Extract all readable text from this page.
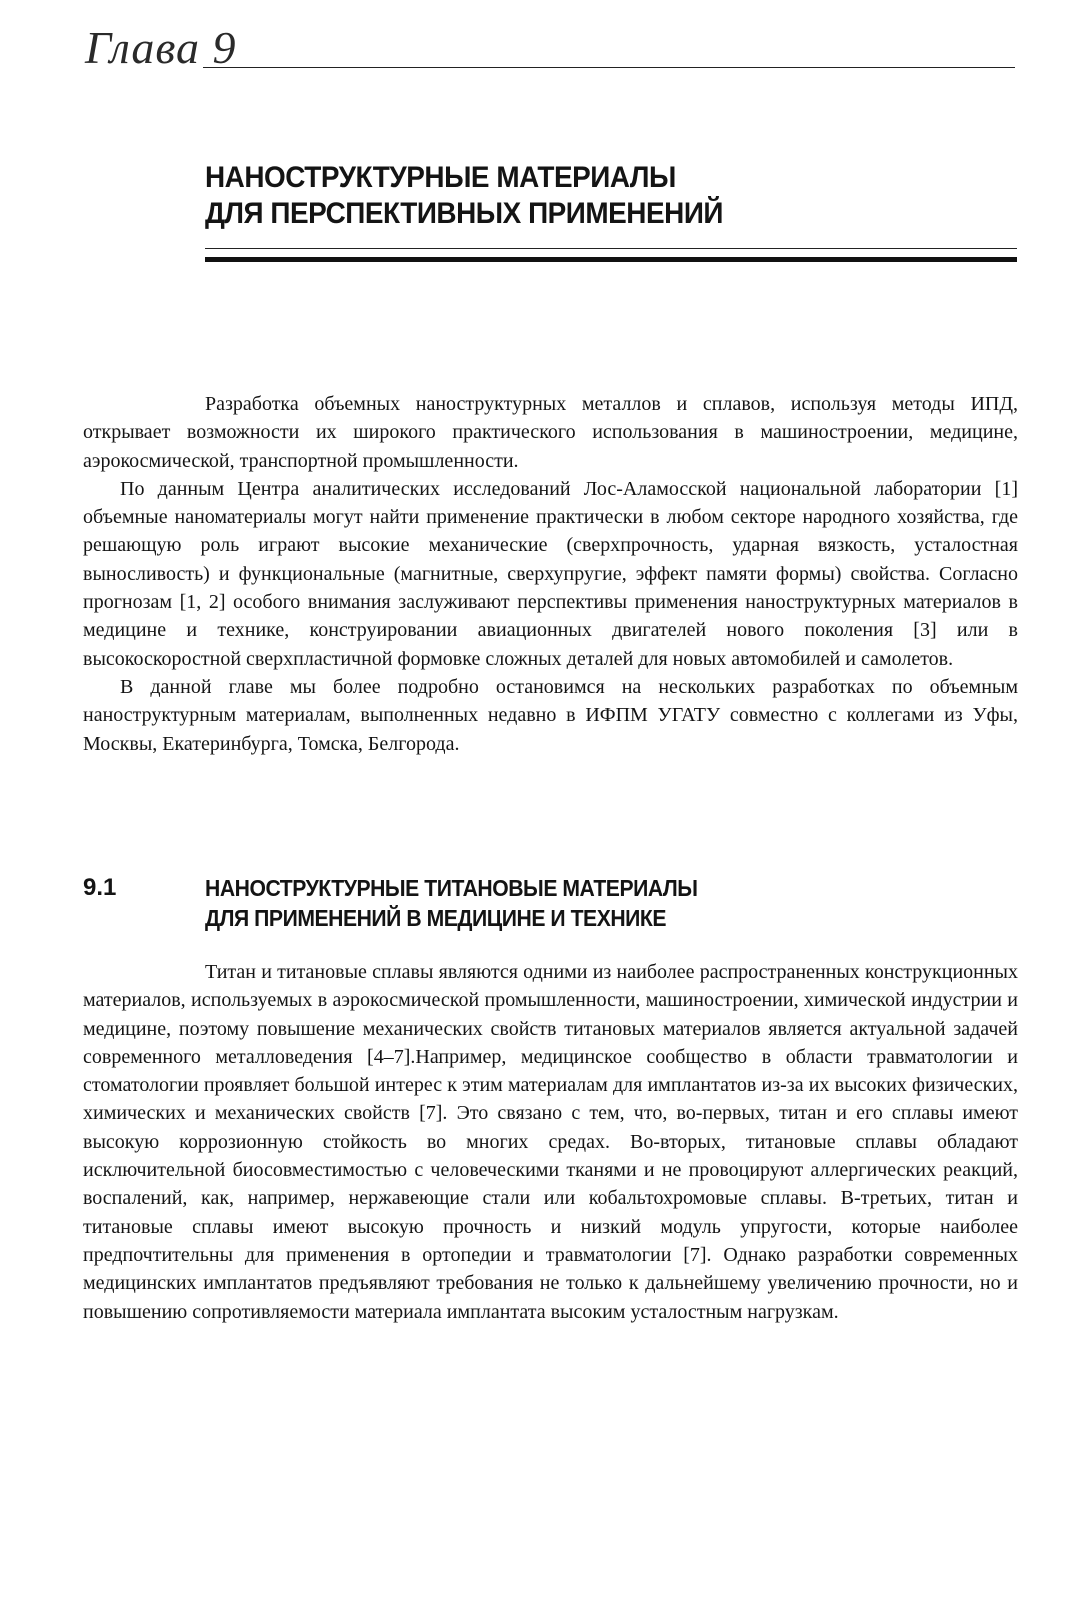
Глава 9
НАНОСТРУКТУРНЫЕ МАТЕРИАЛЫ
ДЛЯ ПЕРСПЕКТИВНЫХ ПРИМЕНЕНИЙ

Разработка объемных наноструктурных металлов и сплавов, используя методы ИПД, открывает возможности их широкого практического использования в машиностроении, медицине, аэрокосмической, транспортной промышленности.

По данным Центра аналитических исследований Лос-Аламосской национальной лаборатории [1] объемные наноматериалы могут найти применение практически в любом секторе народного хозяйства, где решающую роль играют высокие механические (сверхпрочность, ударная вязкость, усталостная выносливость) и функциональные (магнитные, сверхупругие, эффект памяти формы) свойства. Согласно прогнозам [1, 2] особого внимания заслуживают перспективы применения наноструктурных материалов в медицине и технике, конструировании авиационных двигателей нового поколения [3] или в высокоскоростной сверхпластичной формовке сложных деталей для новых автомобилей и самолетов.

В данной главе мы более подробно остановимся на нескольких разработках по объемным наноструктурным материалам, выполненных недавно в ИФПМ УГАТУ совместно с коллегами из Уфы, Москвы, Екатеринбурга, Томска, Белгорода.

9.1	НАНОСТРУКТУРНЫЕ ТИТАНОВЫЕ МАТЕРИАЛЫ
ДЛЯ ПРИМЕНЕНИЙ В МЕДИЦИНЕ И ТЕХНИКЕ

Титан и титановые сплавы являются одними из наиболее распространенных конструкционных материалов, используемых в аэрокосмической промышленности, машиностроении, химической индустрии и медицине, поэтому повышение механических свойств титановых материалов является актуальной задачей современного металловедения [4–7].Например, медицинское сообщество в области травматологии и стоматологии проявляет большой интерес к этим материалам для имплантатов из-за их высоких физических, химических и механических свойств [7]. Это связано с тем, что, во-первых, титан и его сплавы имеют высокую коррозионную стойкость во многих средах. Во-вторых, титановые сплавы обладают исключительной биосовместимостью с человеческими тканями и не провоцируют аллергических реакций, воспалений, как, например, нержавеющие стали или кобальтохромовые сплавы. В-третьих, титан и титановые сплавы имеют высокую прочность и низкий модуль упругости, которые наиболее предпочтительны для применения в ортопедии и травматологии [7]. Однако разработки современных медицинских имплантатов предъявляют требования не только к дальнейшему увеличению прочности, но и повышению сопротивляемости материала имплантата высоким усталостным нагрузкам.
